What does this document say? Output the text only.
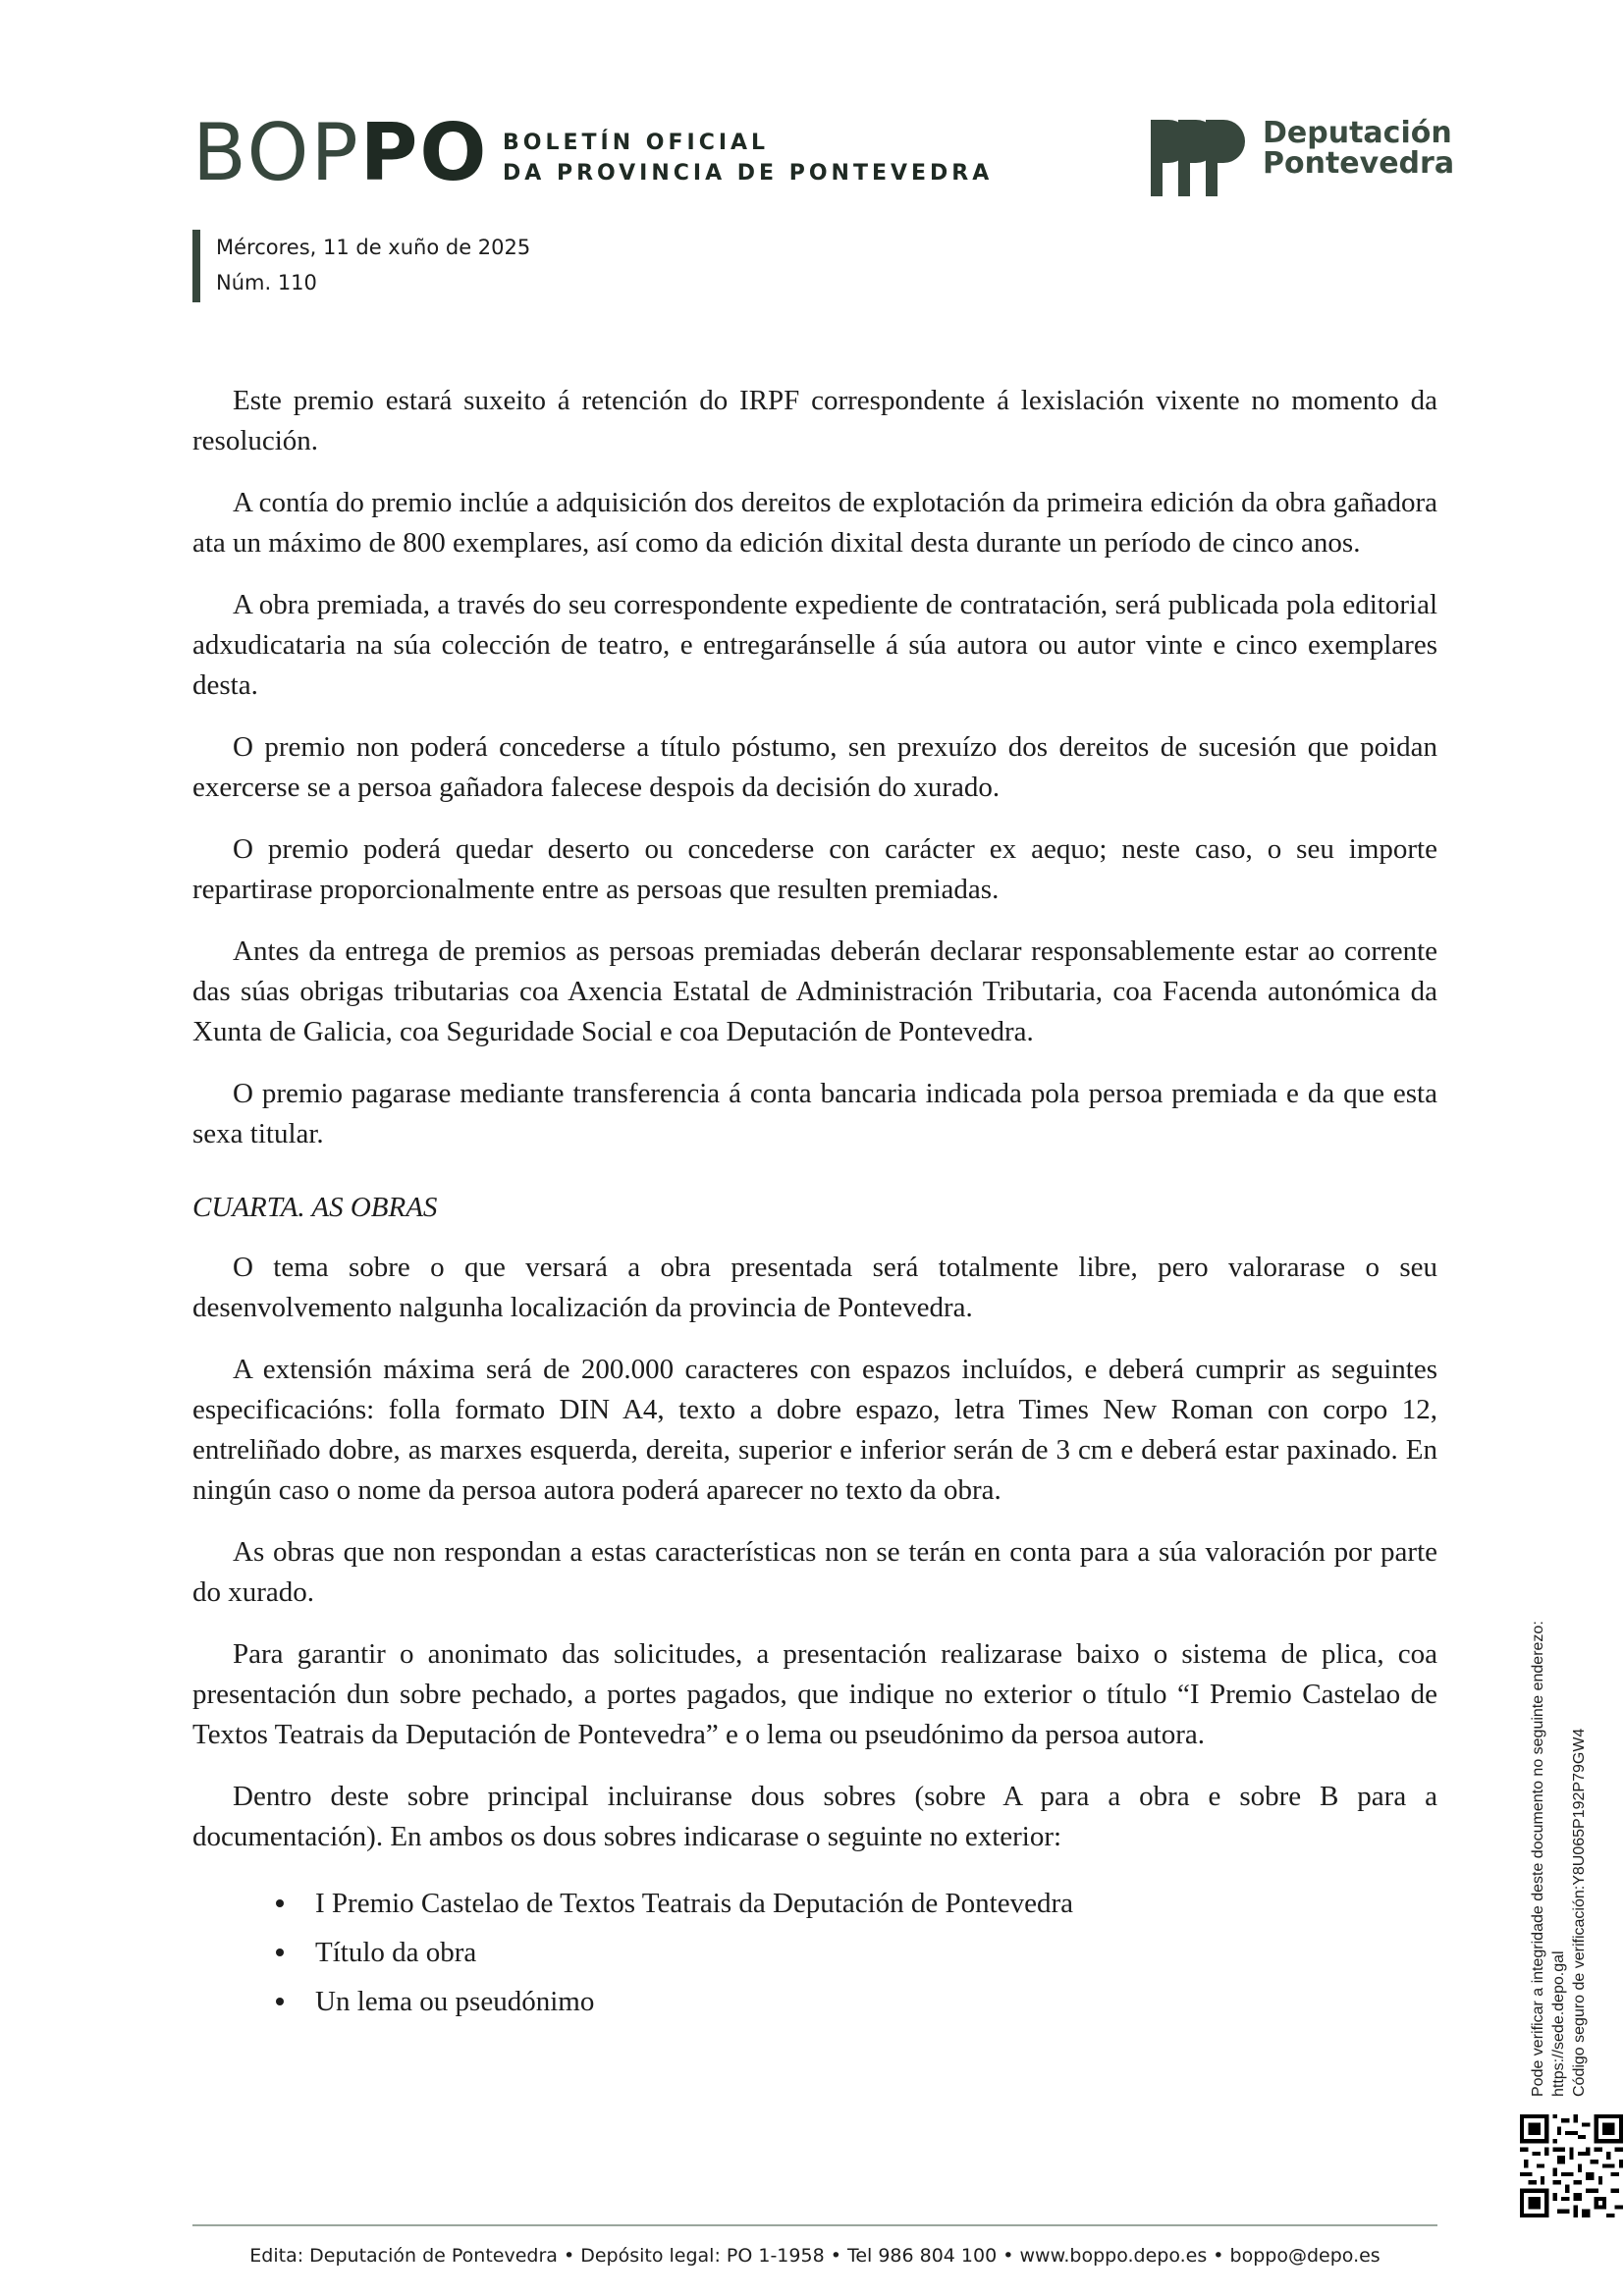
BOPPO BOLETÍN OFICIAL
DA PROVINCIA DE PONTEVEDRA
Deputación
Pontevedra
Mércores, 11 de xuño de 2025
Núm. 110

Este premio estará suxeito á retención do IRPF correspondente á lexislación vixente no momento da resolución.

A contía do premio inclúe a adquisición dos dereitos de explotación da primeira edición da obra gañadora ata un máximo de 800 exemplares, así como da edición dixital desta durante un período de cinco anos.

A obra premiada, a través do seu correspondente expediente de contratación, será publicada pola editorial adxudicataria na súa colección de teatro, e entregaránselle á súa autora ou autor vinte e cinco exemplares desta.

O premio non poderá concederse a título póstumo, sen prexuízo dos dereitos de sucesión que poidan exercerse se a persoa gañadora falecese despois da decisión do xurado.

O premio poderá quedar deserto ou concederse con carácter ex aequo; neste caso, o seu importe repartirase proporcionalmente entre as persoas que resulten premiadas.

Antes da entrega de premios as persoas premiadas deberán declarar responsablemente estar ao corrente das súas obrigas tributarias coa Axencia Estatal de Administración Tributaria, coa Facenda autonómica da Xunta de Galicia, coa Seguridade Social e coa Deputación de Pontevedra.

O premio pagarase mediante transferencia á conta bancaria indicada pola persoa premiada e da que esta sexa titular.

CUARTA. AS OBRAS

O tema sobre o que versará a obra presentada será totalmente libre, pero valorarase o seu desenvolvemento nalgunha localización da provincia de Pontevedra.

A extensión máxima será de 200.000 caracteres con espazos incluídos, e deberá cumprir as seguintes especificacións: folla formato DIN A4, texto a dobre espazo, letra Times New Roman con corpo 12, entreliñado dobre, as marxes esquerda, dereita, superior e inferior serán de 3 cm e deberá estar paxinado. En ningún caso o nome da persoa autora poderá aparecer no texto da obra.

As obras que non respondan a estas características non se terán en conta para a súa valoración por parte do xurado.

Para garantir o anonimato das solicitudes, a presentación realizarase baixo o sistema de plica, coa presentación dun sobre pechado, a portes pagados, que indique no exterior o título “I Premio Castelao de Textos Teatrais da Deputación de Pontevedra” e o lema ou pseudónimo da persoa autora.

Dentro deste sobre principal incluiranse dous sobres (sobre A para a obra e sobre B para a documentación). En ambos os dous sobres indicarase o seguinte no exterior:

I Premio Castelao de Textos Teatrais da Deputación de Pontevedra
Título da obra
Un lema ou pseudónimo	Pode verificar a integridade deste documento no seguinte enderezo: https://sede.depo.gal Código seguro de verificación:Y8U065P192P79GW4
Edita: Deputación de Pontevedra • Depósito legal: PO 1-1958 • Tel 986 804 100 • www.boppo.depo.es • boppo@depo.es
